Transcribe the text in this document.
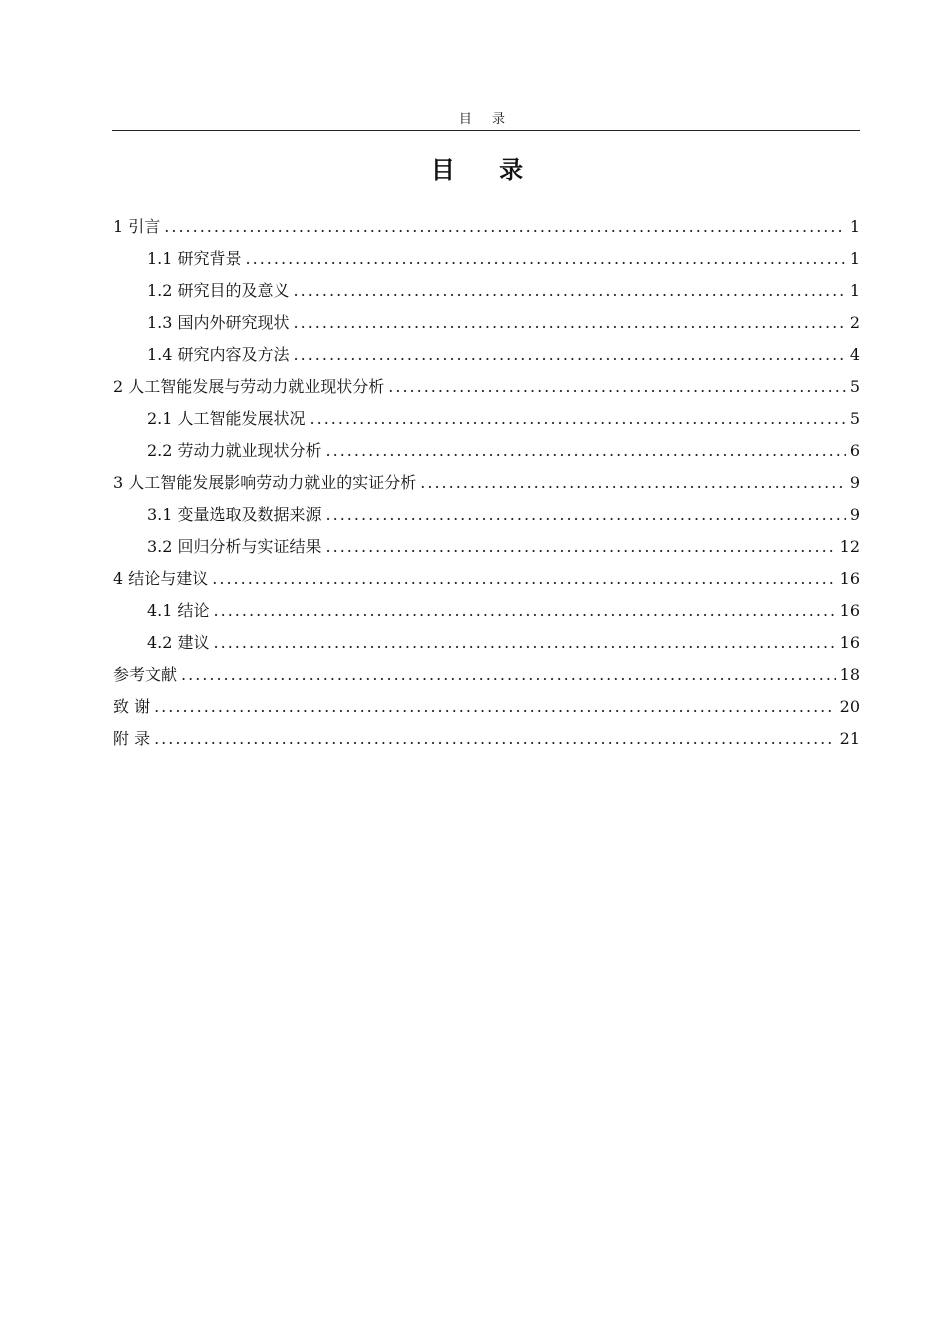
目 录
目 录
1 引言 .....	1
1.1 研究背景 .....	1
1.2 研究目的及意义 .....	1
1.3 国内外研究现状 .....	2
1.4 研究内容及方法 .....	4
2 人工智能发展与劳动力就业现状分析 .....	5
2.1 人工智能发展状况 .....	5
2.2 劳动力就业现状分析 .....	6
3 人工智能发展影响劳动力就业的实证分析 .....	9
3.1 变量选取及数据来源 .....	9
3.2 回归分析与实证结果 .....	12
4 结论与建议 .....	16
4.1 结论 .....	16
4.2 建议 .....	16
参考文献 .....	18
致 谢 .....	20
附 录 .....	21
